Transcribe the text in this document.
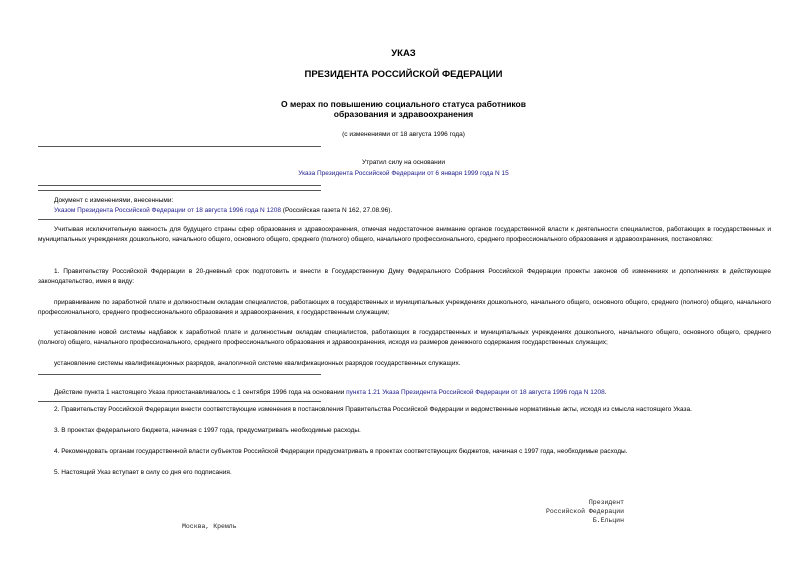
УКАЗ
ПРЕЗИДЕНТА РОССИЙСКОЙ ФЕДЕРАЦИИ
О мерах по повышению социального статуса работников
образования и здравоохранения
(с изменениями от 18 августа 1996 года)
Утратил силу на основании
Указа Президента Российской Федерации от 6 января 1999 года N 15
Документ с изменениями, внесенными:
Указом Президента Российской Федерации от 18 августа 1996 года N 1208 (Российская газета N 162, 27.08.96).
Учитывая исключительную важность для будущего страны сфер образования и здравоохранения, отмечая недостаточное внимание органов государственной власти к деятельности специалистов, работающих в государственных и муниципальных учреждениях дошкольного, начального общего, основного общего, среднего (полного) общего, начального профессионального, среднего профессионального образования и здравоохранения, постановляю:
1. Правительству Российской Федерации в 20-дневный срок подготовить и внести в Государственную Думу Федерального Собрания Российской Федерации проекты законов об изменениях и дополнениях в действующее законодательство, имея в виду:
приравнивание по заработной плате и должностным окладам специалистов, работающих в государственных и муниципальных учреждениях дошкольного, начального общего, основного общего, среднего (полного) общего, начального профессионального, среднего профессионального образования и здравоохранения, к государственным служащим;
установление новой системы надбавок к заработной плате и должностным окладам специалистов, работающих в государственных и муниципальных учреждениях дошкольного, начального общего, основного общего, среднего (полного) общего, начального профессионального, среднего профессионального образования и здравоохранения, исходя из размеров денежного содержания государственных служащих;
установление системы квалификационных разрядов, аналогичной системе квалификационных разрядов государственных служащих.
Действие пункта 1 настоящего Указа приостанавливалось с 1 сентября 1996 года на основании пункта 1.21 Указа Президента Российской Федерации от 18 августа 1996 года N 1208.
2. Правительству Российской Федерации внести соответствующие изменения в постановления Правительства Российской Федерации и ведомственные нормативные акты, исходя из смысла настоящего Указа.
3. В проектах федерального бюджета, начиная с 1997 года, предусматривать необходимые расходы.
4. Рекомендовать органам государственной власти субъектов Российской Федерации предусматривать в проектах соответствующих бюджетов, начиная с 1997 года, необходимые расходы.
5. Настоящий Указ вступает в силу со дня его подписания.
Президент
Российской Федерации
Б.Ельцин
Москва, Кремль
